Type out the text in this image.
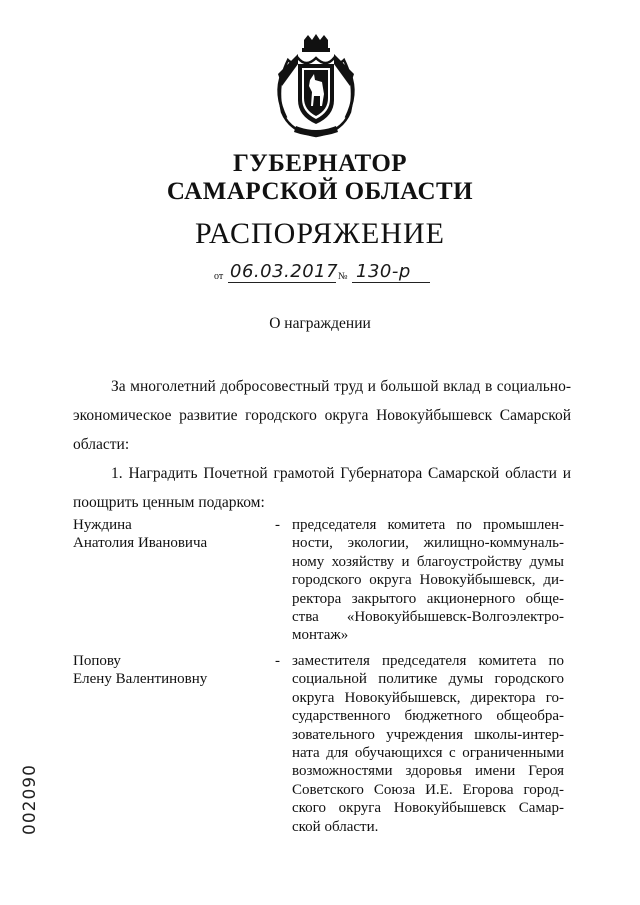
ГУБЕРНАТОР
САМАРСКОЙ ОБЛАСТИ
РАСПОРЯЖЕНИЕ
от 06.03.2017 № 130-р
О награждении
За многолетний добросовестный труд и большой вклад в социально-
экономическое развитие городского округа Новокуйбышевск Самарской
области:
1. Наградить Почетной грамотой Губернатора Самарской области и
поощрить ценным подарком:
Нуждина
Анатолия Ивановича
- председателя комитета по промышлен-
ности, экологии, жилищно-коммуналь-
ному хозяйству и благоустройству думы
городского округа Новокуйбышевск, ди-
ректора закрытого акционерного обще-
ства «Новокуйбышевск-Волгоэлектро-
монтаж»
Попову
Елену Валентиновну
- заместителя председателя комитета по
социальной политике думы городского
округа Новокуйбышевск, директора го-
сударственного бюджетного общеобра-
зовательного учреждения школы-интер-
ната для обучающихся с ограниченными
возможностями здоровья имени Героя
Советского Союза И.Е. Егорова город-
ского округа Новокуйбышевск Самар-
ской области.
002090
